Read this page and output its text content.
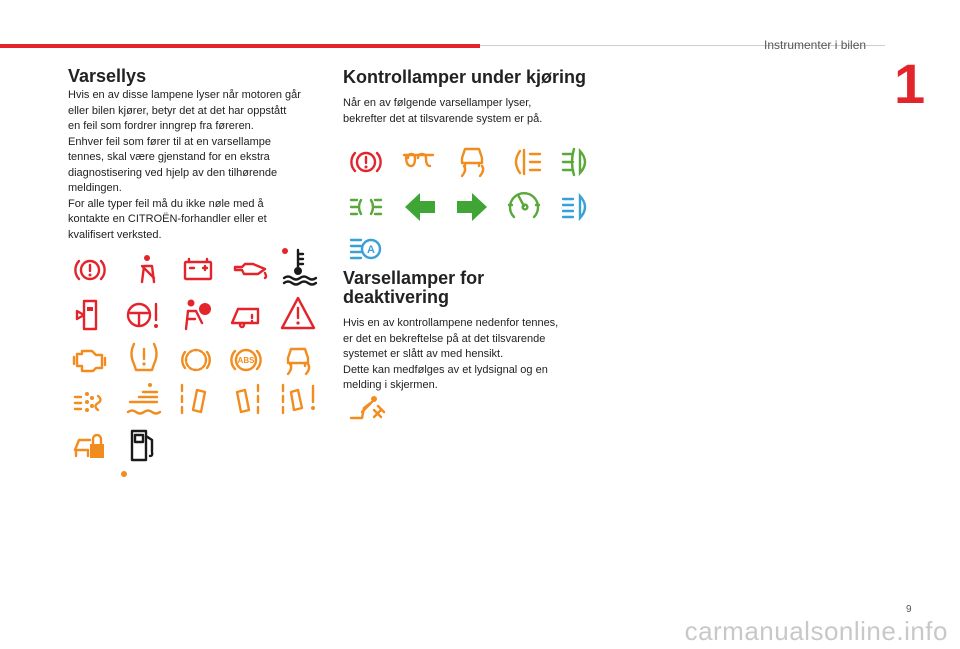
Instrumenter i bilen
1
Varsellys

Hvis en av disse lampene lyser når motoren går
eller bilen kjører, betyr det at det har oppstått
en feil som fordrer inngrep fra føreren.
Enhver feil som fører til at en varsellampe
tennes, skal være gjenstand for en ekstra
diagnostisering ved hjelp av den tilhørende
meldingen.
For alle typer feil må du ikke nøle med å
kontakte en CITROËN-forhandler eller et
kvalifisert verksted.

ABS
Kontrollamper under kjøring

Når en av følgende varsellamper lyser,
bekrefter det at tilsvarende system er på.

A
Varsellamper for deaktivering

Hvis en av kontrollampene nedenfor tennes,
er det en bekreftelse på at det tilsvarende
systemet er slått av med hensikt.
Dette kan medfølges av et lydsignal og en
melding i skjermen.

9
carmanualsonline.info
